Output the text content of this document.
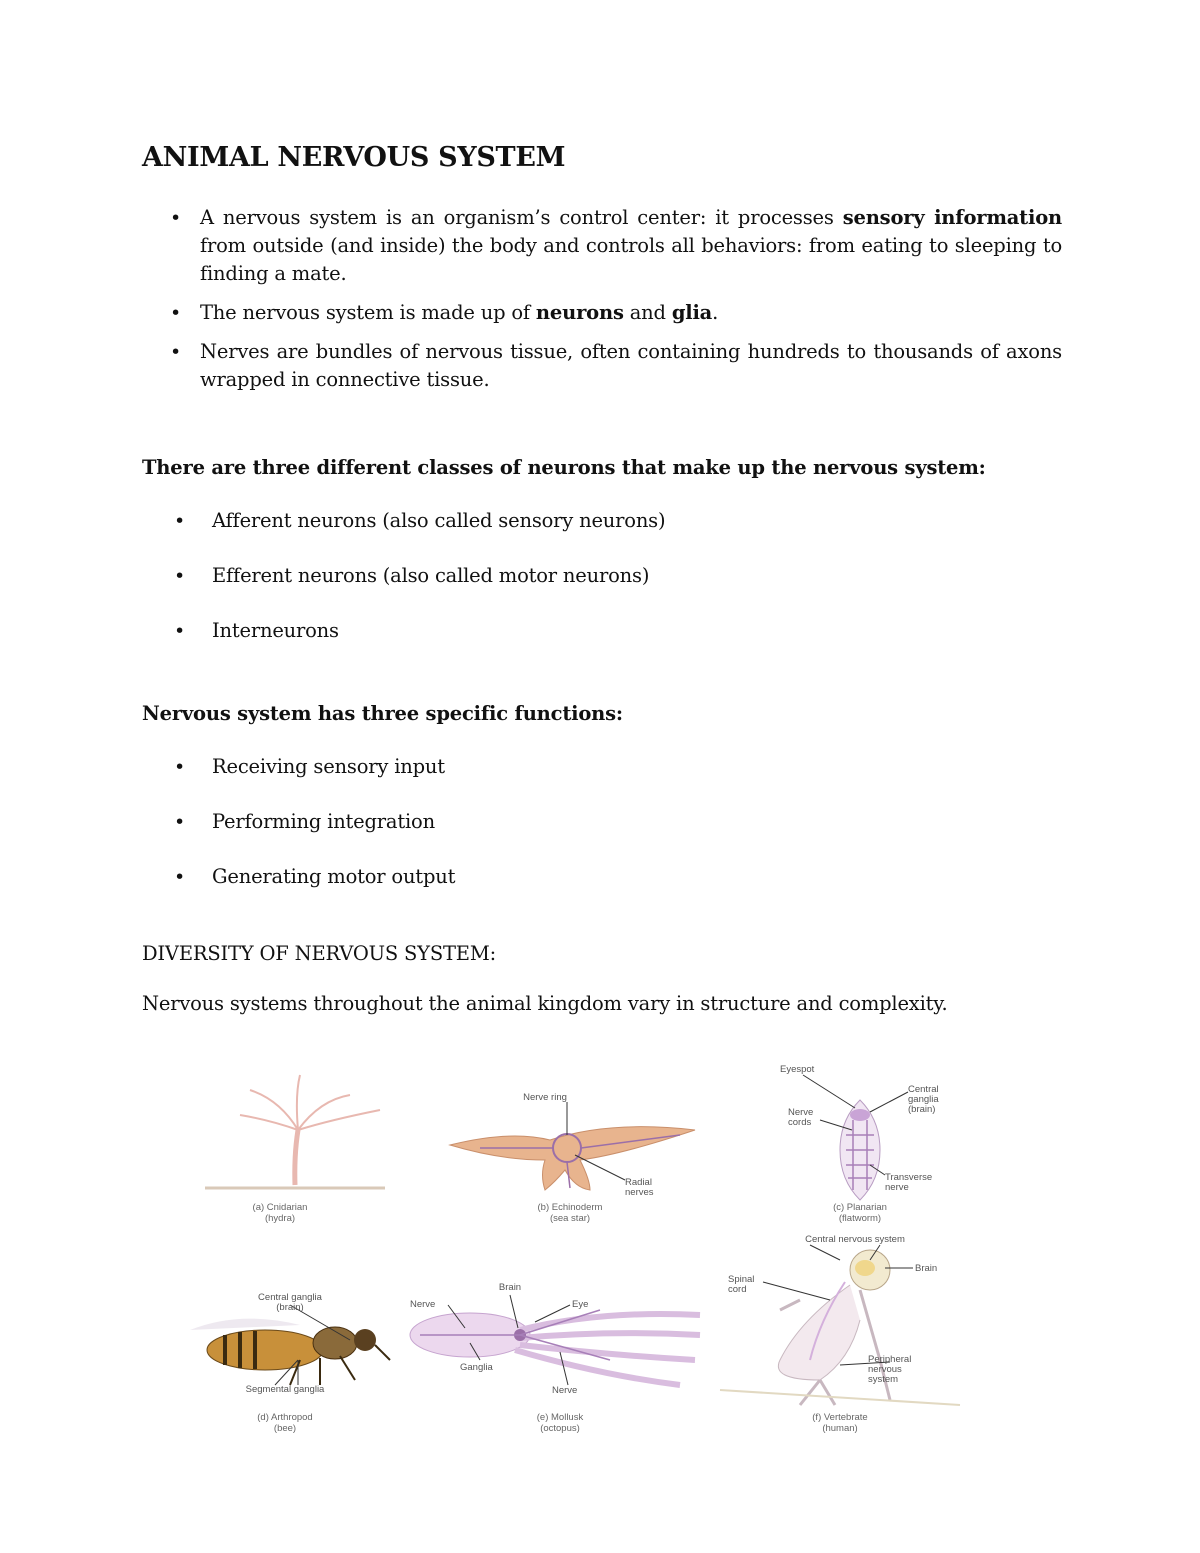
ANIMAL NERVOUS SYSTEM
• A nervous system is an organism’s control center: it processes sensory information from outside (and inside) the body and controls all behaviors: from eating to sleeping to finding a mate.
• The nervous system is made up of neurons and glia.
• Nerves are bundles of nervous tissue, often containing hundreds to thousands of axons wrapped in connective tissue.

There are three different classes of neurons that make up the nervous system:

• Afferent neurons (also called sensory neurons)
• Efferent neurons (also called motor neurons)
• Interneurons

Nervous system has three specific functions:

• Receiving sensory input
• Performing integration
• Generating motor output

DIVERSITY OF NERVOUS SYSTEM:

Nervous systems throughout the animal kingdom vary in structure and complexity.

(a) Cnidarian
(hydra)
Nerve ring
Radial
nerves
(b) Echinoderm
(sea star)
Eyespot
Central
ganglia
(brain)
Nerve
cords
Transverse
nerve
(c) Planarian
(flatworm)
Central ganglia
(brain)
Segmental ganglia
(d) Arthropod
(bee)
Brain
Nerve	Eye
Ganglia
Nerve
(e) Mollusk
(octopus)
Central nervous system
Brain
Spinal
cord
Peripheral
nervous
system
(f) Vertebrate
(human)
